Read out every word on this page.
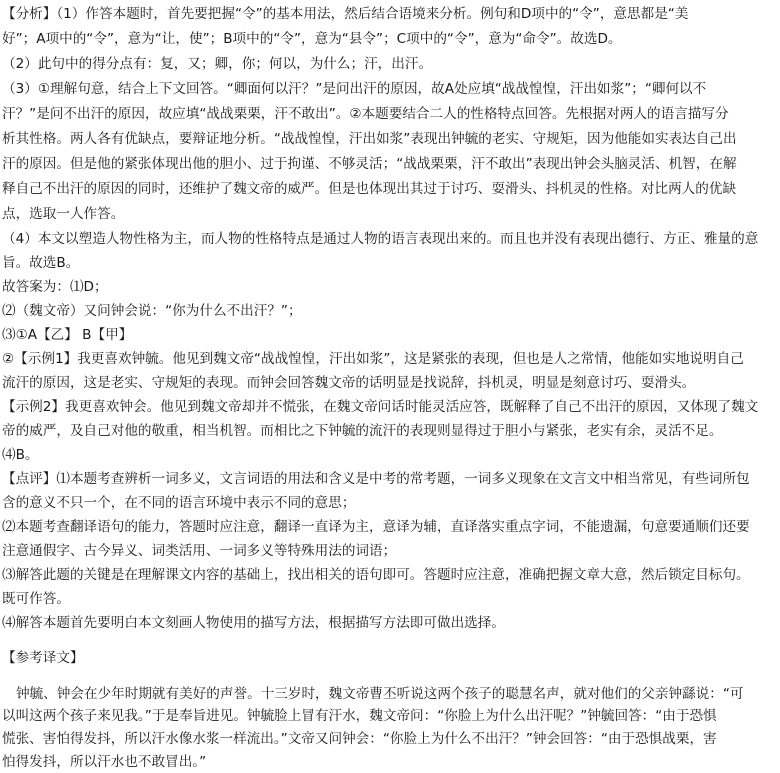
【分析】（1）作答本题时，首先要把握“令”的基本用法，然后结合语境来分析。例句和D项中的“令”，意思都是“美
好”；A项中的“令”，意为“让，使”；B项中的“令”，意为“县令”；C项中的“令”，意为“命令”。故选D。
（2）此句中的得分点有：复，又；卿，你；何以，为什么；汗，出汗。
（3）①理解句意，结合上下文回答。“卿面何以汗？”是问出汗的原因，故A处应填“战战惶惶，汗出如浆”；“卿何以不
汗？”是问不出汗的原因，故应填“战战栗栗，汗不敢出”。②本题要结合二人的性格特点回答。先根据对两人的语言描写分
析其性格。两人各有优缺点，要辩证地分析。“战战惶惶，汗出如浆”表现出钟毓的老实、守规矩，因为他能如实表达自己出
汗的原因。但是他的紧张体现出他的胆小、过于拘谨、不够灵活；“战战栗栗，汗不敢出”表现出钟会头脑灵活、机智，在解
释自己不出汗的原因的同时，还维护了魏文帝的威严。但是也体现出其过于讨巧、耍滑头、抖机灵的性格。对比两人的优缺
点，选取一人作答。
（4）本文以塑造人物性格为主，而人物的性格特点是通过人物的语言表现出来的。而且也并没有表现出德行、方正、雅量的意
旨。故选B。
故答案为：⑴D；
⑵（魏文帝）又问钟会说：“你为什么不出汗？”；
⑶①A【乙】 B【甲】
②【示例1】我更喜欢钟毓。他见到魏文帝“战战惶惶，汗出如浆”，这是紧张的表现，但也是人之常情，他能如实地说明自己
流汗的原因，这是老实、守规矩的表现。而钟会回答魏文帝的话明显是找说辞，抖机灵，明显是刻意讨巧、耍滑头。
【示例2】我更喜欢钟会。他见到魏文帝却并不慌张，在魏文帝问话时能灵活应答，既解释了自己不出汗的原因，又体现了魏文
帝的威严，及自己对他的敬重，相当机智。而相比之下钟毓的流汗的表现则显得过于胆小与紧张，老实有余，灵活不足。
⑷B。
【点评】⑴本题考查辨析一词多义，文言词语的用法和含义是中考的常考题，一词多义现象在文言文中相当常见，有些词所包
含的意义不只一个，在不同的语言环境中表示不同的意思；
⑵本题考查翻译语句的能力，答题时应注意，翻译一直译为主，意译为辅，直译落实重点字词，不能遗漏，句意要通顺们还要
注意通假字、古今异义、词类活用、一词多义等特殊用法的词语；
⑶解答此题的关键是在理解课文内容的基础上，找出相关的语句即可。答题时应注意，准确把握文章大意，然后锁定目标句。
既可作答。
⑷解答本题首先要明白本文刻画人物使用的描写方法，根据描写方法即可做出选择。
【参考译文】
钟毓、钟会在少年时期就有美好的声誉。十三岁时，魏文帝曹丕听说这两个孩子的聪慧名声，就对他们的父亲钟繇说：“可
以叫这两个孩子来见我。”于是奉旨进见。钟毓脸上冒有汗水，魏文帝问：“你脸上为什么出汗呢？”钟毓回答：“由于恐惧
慌张、害怕得发抖，所以汗水像水浆一样流出。”文帝又问钟会：“你脸上为什么不出汗？”钟会回答：“由于恐惧战栗，害
怕得发抖，所以汗水也不敢冒出。”
